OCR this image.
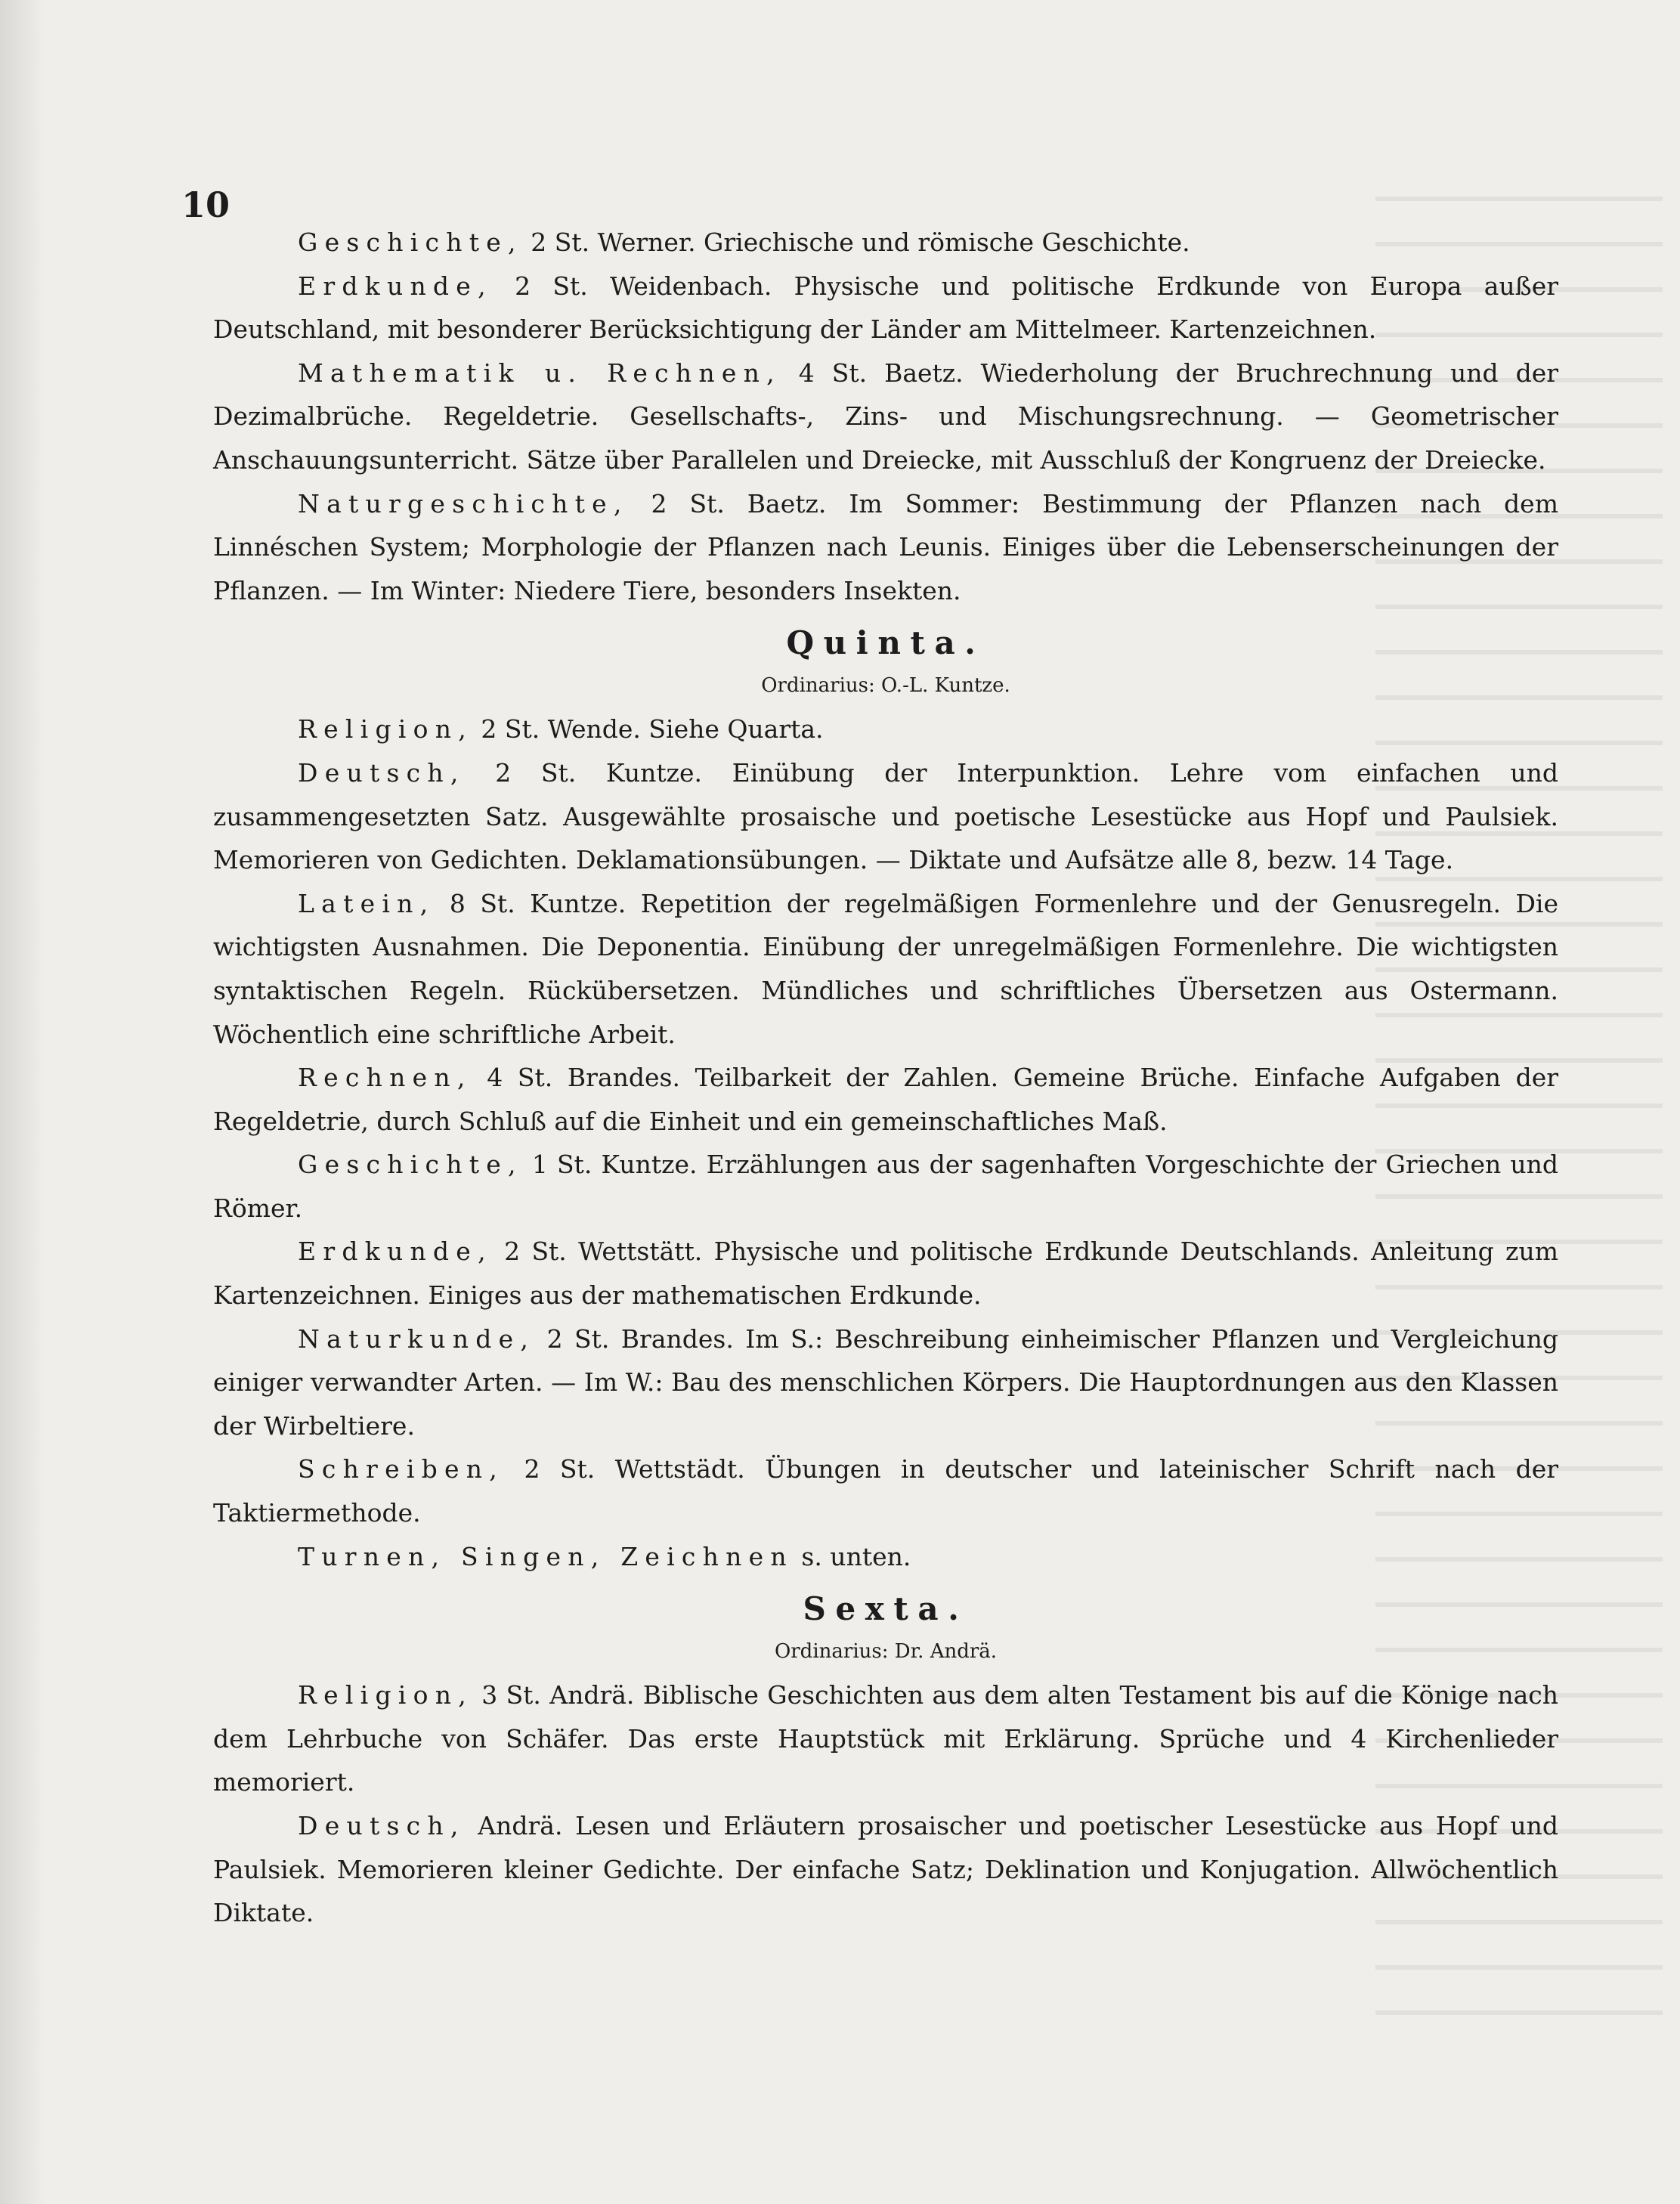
10

Geschichte, 2 St. Werner. Griechische und römische Geschichte.

Erdkunde, 2 St. Weidenbach. Physische und politische Erdkunde von Europa außer Deutschland, mit besonderer Berücksichtigung der Länder am Mittelmeer. Kartenzeichnen.

Mathematik u. Rechnen, 4 St. Baetz. Wiederholung der Bruchrechnung und der Dezimalbrüche. Regeldetrie. Gesellschafts-, Zins- und Mischungsrechnung. — Geometrischer Anschauungsunterricht. Sätze über Parallelen und Dreiecke, mit Ausschluß der Kongruenz der Dreiecke.

Naturgeschichte, 2 St. Baetz. Im Sommer: Bestimmung der Pflanzen nach dem Linnéschen System; Morphologie der Pflanzen nach Leunis. Einiges über die Lebenserscheinungen der Pflanzen. — Im Winter: Niedere Tiere, besonders Insekten.

Quinta.
Ordinarius: O.-L. Kuntze.

Religion, 2 St. Wende. Siehe Quarta.

Deutsch, 2 St. Kuntze. Einübung der Interpunktion. Lehre vom einfachen und zusammengesetzten Satz. Ausgewählte prosaische und poetische Lesestücke aus Hopf und Paulsiek. Memorieren von Gedichten. Deklamationsübungen. — Diktate und Aufsätze alle 8, bezw. 14 Tage.

Latein, 8 St. Kuntze. Repetition der regelmäßigen Formenlehre und der Genusregeln. Die wichtigsten Ausnahmen. Die Deponentia. Einübung der unregelmäßigen Formenlehre. Die wichtigsten syntaktischen Regeln. Rückübersetzen. Mündliches und schriftliches Übersetzen aus Ostermann. Wöchentlich eine schriftliche Arbeit.

Rechnen, 4 St. Brandes. Teilbarkeit der Zahlen. Gemeine Brüche. Einfache Aufgaben der Regeldetrie, durch Schluß auf die Einheit und ein gemeinschaftliches Maß.

Geschichte, 1 St. Kuntze. Erzählungen aus der sagenhaften Vorgeschichte der Griechen und Römer.

Erdkunde, 2 St. Wettstätt. Physische und politische Erdkunde Deutschlands. Anleitung zum Kartenzeichnen. Einiges aus der mathematischen Erdkunde.

Naturkunde, 2 St. Brandes. Im S.: Beschreibung einheimischer Pflanzen und Vergleichung einiger verwandter Arten. — Im W.: Bau des menschlichen Körpers. Die Hauptordnungen aus den Klassen der Wirbeltiere.

Schreiben, 2 St. Wettstädt. Übungen in deutscher und lateinischer Schrift nach der Taktiermethode.

Turnen, Singen, Zeichnen s. unten.

Sexta.
Ordinarius: Dr. Andrä.

Religion, 3 St. Andrä. Biblische Geschichten aus dem alten Testament bis auf die Könige nach dem Lehrbuche von Schäfer. Das erste Hauptstück mit Erklärung. Sprüche und 4 Kirchenlieder memoriert.

Deutsch, Andrä. Lesen und Erläutern prosaischer und poetischer Lesestücke aus Hopf und Paulsiek. Memorieren kleiner Gedichte. Der einfache Satz; Deklination und Konjugation. Allwöchentlich Diktate.
